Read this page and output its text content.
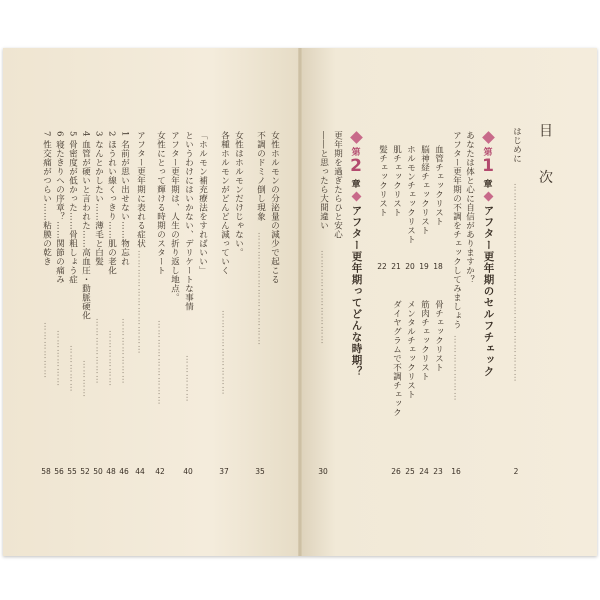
目 次
はじめに
………………………………………………………
2
第
1
章
アフター更年期のセルフチェック
あなたは体と心に自信がありますか？
アフター更年期の不調をチェックしてみましょう
…………………
16
血管チェックリスト
脳神経チェックリスト
ホルモンチェックリスト
肌チェックリスト
髪チェックリスト
18
19
20
21
22
骨チェックリスト
筋肉チェックリスト
メンタルチェックリスト
ダイヤグラムで不調チェック
23
24
25
26
第
2
章
アフター更年期ってどんな時期？
更年期を過ぎたらひと安心
――と思ったら大間違い
…………………………
30
女性ホルモンの分泌量の減少で起こる
不調のドミノ倒し現象
………………………………
35
女性はホルモンだけじゃない。
各種ホルモンがどんどん減っていく
………………………
37
「ホルモン補充療法をすればいい」
というわけにはいかない、デリケートな事情
……………
40
アフター更年期は、人生の折り返し地点。
女性にとって輝ける時期のスタート
………………………
42
アフター更年期に表れる症状
……………………………
44
1 名前が思い出せない……物忘れ
2 ほうれい線くっきり……肌の老化
3 なんとかしたい……薄毛と白髪
4 血管が硬いと言われた……高血圧・動脈硬化
5 骨密度が低かった……骨粗しょう症
6 寝たきりへの序章？……関節の痛み
7 性交痛がつらい……粘膜の乾き
…………………
………………
…………………
…………
……………
………………
………………
46
48
50
52
55
56
58
